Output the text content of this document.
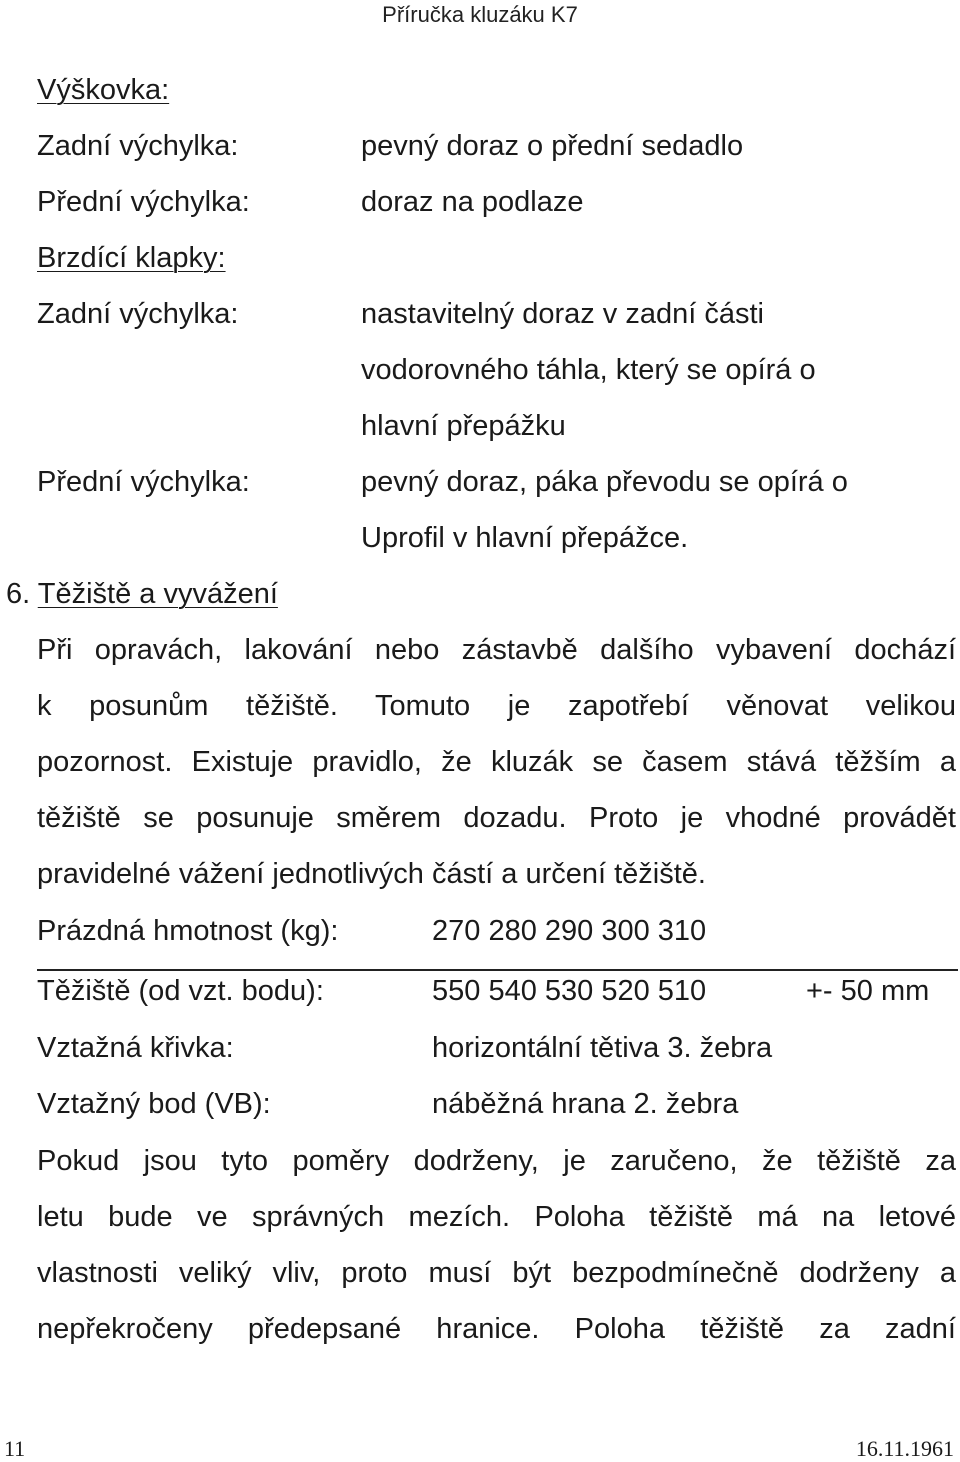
Příručka kluzáku K7
Výškovka:
Zadní výchylka:	pevný doraz o přední sedadlo
Přední výchylka:	doraz na podlaze
Brzdící klapky:
Zadní výchylka:	nastavitelný doraz v zadní části
vodorovného táhla, který se opírá o
hlavní přepážku
Přední výchylka:	pevný doraz, páka převodu se opírá o
Uprofil v hlavní přepážce.
6. Těžiště a vyvážení
Při opravách, lakování nebo zástavbě dalšího vybavení dochází
k posunům těžiště. Tomuto je zapotřebí věnovat velikou
pozornost. Existuje pravidlo, že kluzák se časem stává těžším a
těžiště se posunuje směrem dozadu. Proto je vhodné provádět
pravidelné vážení jednotlivých částí a určení těžiště.
Prázdná hmotnost (kg):	270 280 290 300 310
Těžiště (od vzt. bodu):	550 540 530 520 510	+- 50 mm
Vztažná křivka:	horizontální tětiva 3. žebra
Vztažný bod (VB):	náběžná hrana 2. žebra
Pokud jsou tyto poměry dodrženy, je zaručeno, že těžiště za
letu bude ve správných mezích. Poloha těžiště má na letové
vlastnosti veliký vliv, proto musí být bezpodmínečně dodrženy a
nepřekročeny předepsané hranice. Poloha těžiště za zadní
11	16.11.1961
